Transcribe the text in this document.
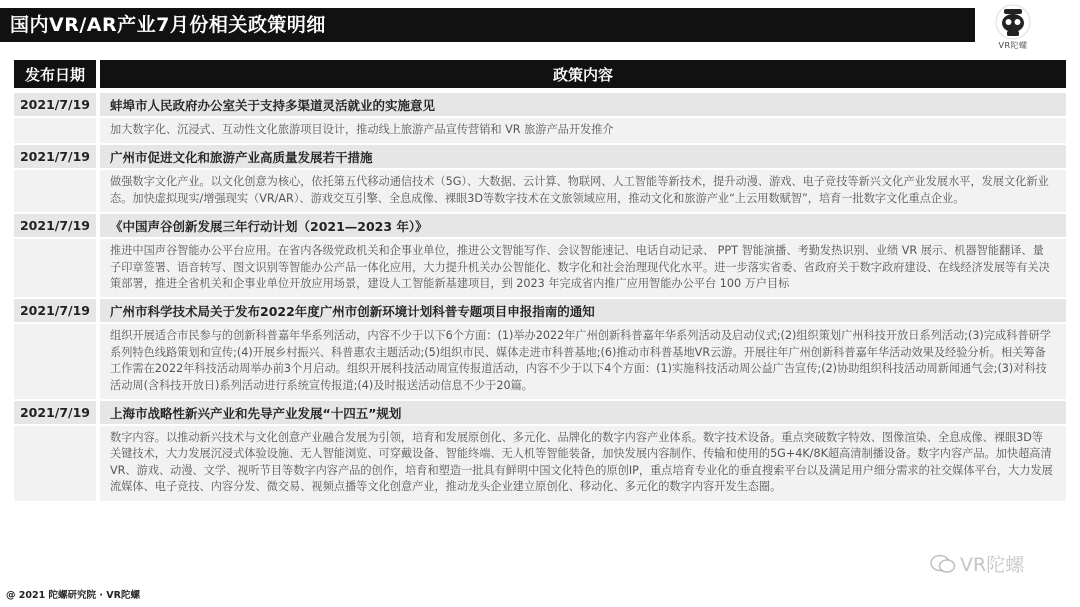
国内VR/AR产业7月份相关政策明细
VR陀螺
发布日期	政策内容
2021/7/19	蚌埠市人民政府办公室关于支持多渠道灵活就业的实施意见
	加大数字化、沉浸式、互动性文化旅游项目设计，推动线上旅游产品宣传营销和 VR 旅游产品开发推介
2021/7/19	广州市促进文化和旅游产业高质量发展若干措施
	做强数字文化产业。以文化创意为核心，依托第五代移动通信技术（5G）、大数据、云计算、物联网、人工智能等新技术，提升动漫、游戏、电子竞技等新兴文化产业发展水平，发展文化新业态。加快虚拟现实/增强现实（VR/AR）、游戏交互引擎、全息成像、裸眼3D等数字技术在文旅领域应用，推动文化和旅游产业“上云用数赋智”，培育一批数字文化重点企业。
2021/7/19	《中国声谷创新发展三年行动计划（2021—2023 年）》
	推进中国声谷智能办公平台应用。在省内各级党政机关和企事业单位，推进公文智能写作、会议智能速记、电话自动记录、 PPT 智能演播、考勤发热识别、业绩 VR 展示、机器智能翻译、量子印章签署、语音转写、图文识别等智能办公产品一体化应用，大力提升机关办公智能化、数字化和社会治理现代化水平。进一步落实省委、省政府关于数字政府建设、在线经济发展等有关决策部署，推进全省机关和企事业单位开放应用场景，建设人工智能新基建项目，到 2023 年完成省内推广应用智能办公平台 100 万户目标
2021/7/19	广州市科学技术局关于发布2022年度广州市创新环境计划科普专题项目申报指南的通知
	组织开展适合市民参与的创新科普嘉年华系列活动，内容不少于以下6个方面：(1)举办2022年广州创新科普嘉年华系列活动及启动仪式;(2)组织策划广州科技开放日系列活动;(3)完成科普研学系列特色线路策划和宣传;(4)开展乡村振兴、科普惠农主题活动;(5)组织市民、媒体走进市科普基地;(6)推动市科普基地VR云游。开展往年广州创新科普嘉年华活动效果及经验分析。相关筹备工作需在2022年科技活动周举办前3个月启动。组织开展科技活动周宣传报道活动，内容不少于以下4个方面：(1)实施科技活动周公益广告宣传;(2)协助组织科技活动周新闻通气会;(3)对科技活动周(含科技开放日)系列活动进行系统宣传报道;(4)及时报送活动信息不少于20篇。
2021/7/19	上海市战略性新兴产业和先导产业发展“十四五”规划
	数字内容。以推动新兴技术与文化创意产业融合发展为引领，培育和发展原创化、多元化、品牌化的数字内容产业体系。数字技术设备。重点突破数字特效、图像渲染、全息成像、裸眼3D等关键技术，大力发展沉浸式体验设施、无人智能浏览、可穿戴设备、智能终端、无人机等智能装备，加快发展内容制作、传输和使用的5G+4K/8K超高清制播设备。数字内容产品。加快超高清VR、游戏、动漫、文学、视听节目等数字内容产品的创作，培育和塑造一批具有鲜明中国文化特色的原创IP，重点培育专业化的垂直搜索平台以及满足用户细分需求的社交媒体平台，大力发展流媒体、电子竞技、内容分发、微交易、视频点播等文化创意产业，推动龙头企业建立原创化、移动化、多元化的数字内容开发生态圈。
@ 2021 陀螺研究院 · VR陀螺
VR陀螺
